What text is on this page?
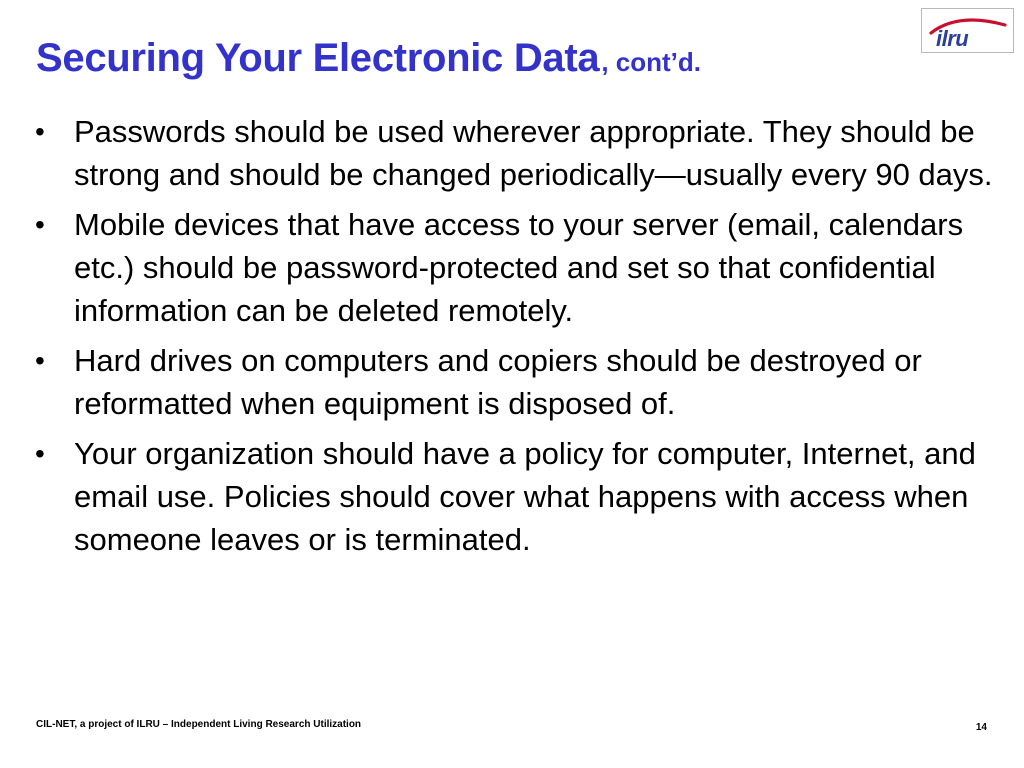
Securing Your Electronic Data, cont’d.
ilru
• Passwords should be used wherever appropriate. They should be strong and should be changed periodically—usually every 90 days.
• Mobile devices that have access to your server (email, calendars etc.) should be password-protected and set so that confidential information can be deleted remotely.
• Hard drives on computers and copiers should be destroyed or reformatted when equipment is disposed of.
• Your organization should have a policy for computer, Internet, and email use. Policies should cover what happens with access when someone leaves or is terminated.
CIL-NET, a project of ILRU – Independent Living Research Utilization	14
